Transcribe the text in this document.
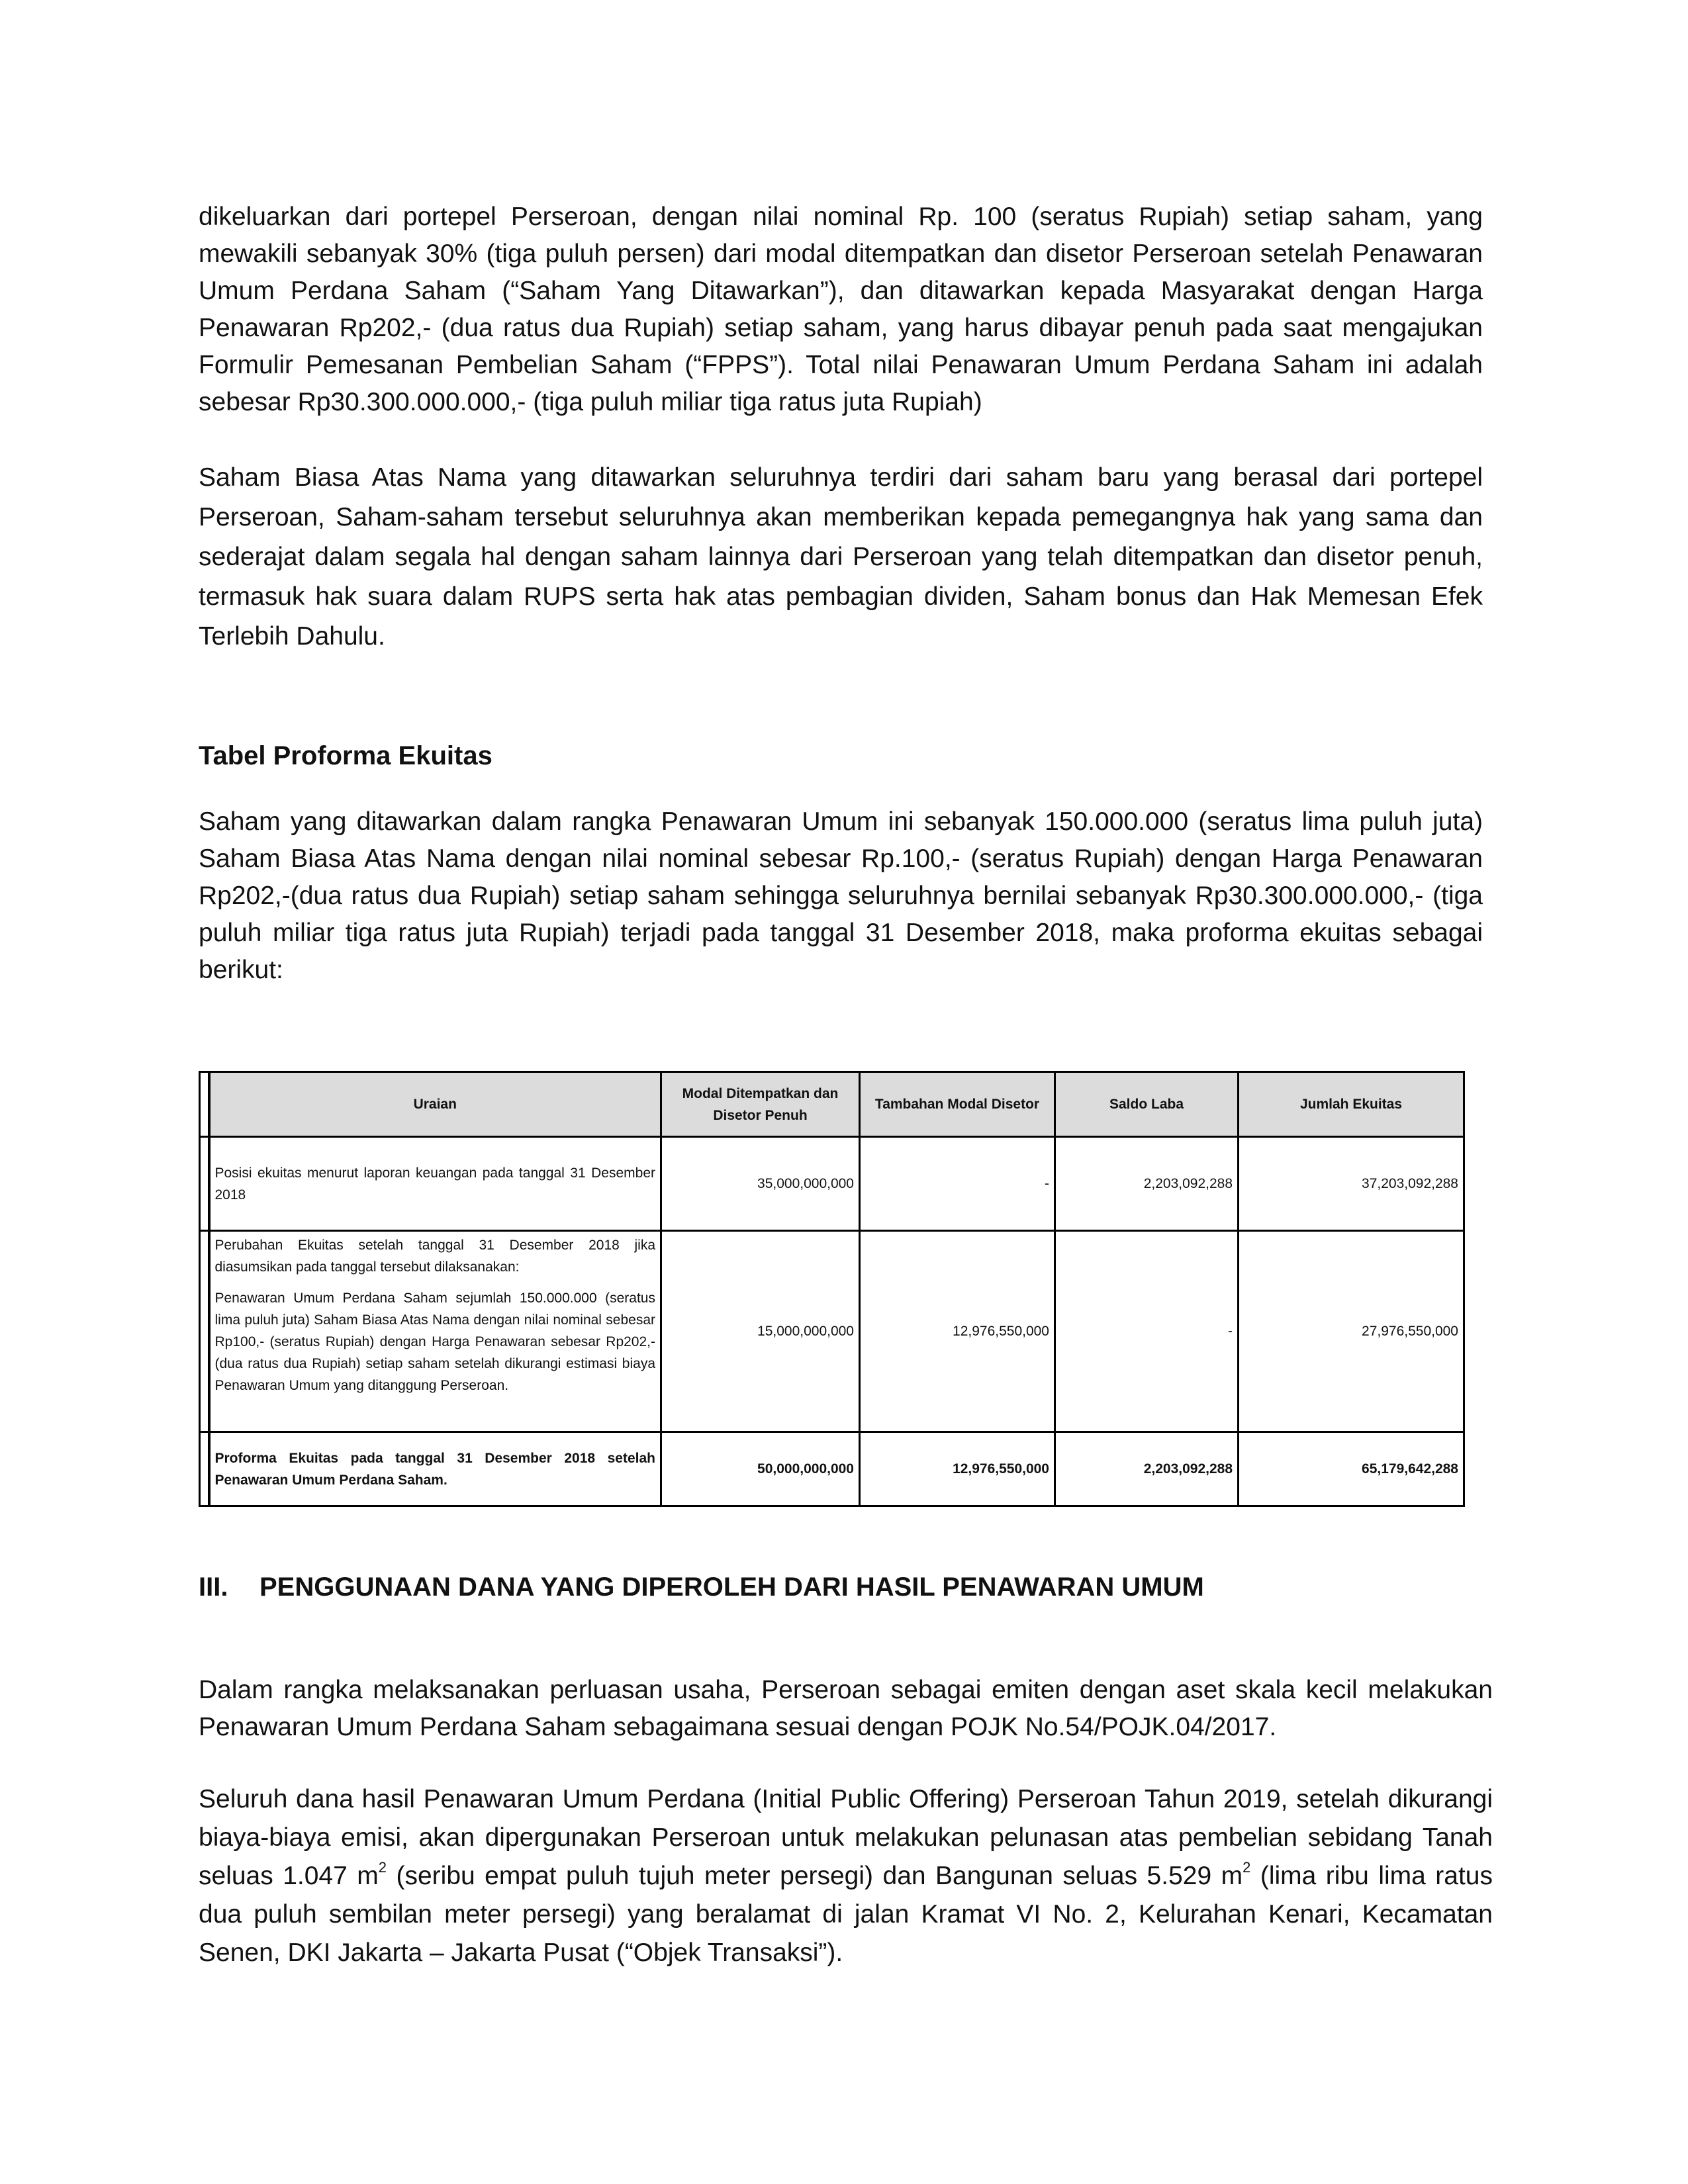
dikeluarkan dari portepel Perseroan, dengan nilai nominal Rp. 100 (seratus Rupiah) setiap saham, yang mewakili sebanyak 30% (tiga puluh persen) dari modal ditempatkan dan disetor Perseroan setelah Penawaran Umum Perdana Saham (“Saham Yang Ditawarkan”), dan ditawarkan kepada Masyarakat dengan Harga Penawaran Rp202,- (dua ratus dua Rupiah) setiap saham, yang harus dibayar penuh pada saat mengajukan Formulir Pemesanan Pembelian Saham (“FPPS”). Total nilai Penawaran Umum Perdana Saham ini adalah sebesar Rp30.300.000.000,- (tiga puluh miliar tiga ratus juta Rupiah)

Saham Biasa Atas Nama yang ditawarkan seluruhnya terdiri dari saham baru yang berasal dari portepel Perseroan, Saham-saham tersebut seluruhnya akan memberikan kepada pemegangnya hak yang sama dan sederajat dalam segala hal dengan saham lainnya dari Perseroan yang telah ditempatkan dan disetor penuh, termasuk hak suara dalam RUPS serta hak atas pembagian dividen, Saham bonus dan Hak Memesan Efek Terlebih Dahulu.

Tabel Proforma Ekuitas

Saham yang ditawarkan dalam rangka Penawaran Umum ini sebanyak 150.000.000 (seratus lima puluh juta) Saham Biasa Atas Nama dengan nilai nominal sebesar Rp.100,- (seratus Rupiah) dengan Harga Penawaran Rp202,-(dua ratus dua Rupiah) setiap saham sehingga seluruhnya bernilai sebanyak Rp30.300.000.000,- (tiga puluh miliar tiga ratus juta Rupiah) terjadi pada tanggal 31 Desember 2018, maka proforma ekuitas sebagai berikut:

	Uraian	Modal Ditempatkan dan Disetor Penuh	Tambahan Modal Disetor	Saldo Laba	Jumlah Ekuitas
	Posisi ekuitas menurut laporan keuangan pada tanggal 31 Desember 2018	35,000,000,000	-	2,203,092,288	37,203,092,288

	Perubahan Ekuitas setelah tanggal 31 Desember 2018 jika diasumsikan pada tanggal tersebut dilaksanakan:
Penawaran Umum Perdana Saham sejumlah 150.000.000 (seratus lima puluh juta) Saham Biasa Atas Nama dengan nilai nominal sebesar Rp100,- (seratus Rupiah) dengan Harga Penawaran sebesar Rp202,- (dua ratus dua Rupiah) setiap saham setelah dikurangi estimasi biaya Penawaran Umum yang ditanggung Perseroan.	15,000,000,000	12,976,550,000	-	27,976,550,000
	Proforma Ekuitas pada tanggal 31 Desember 2018 setelah Penawaran Umum Perdana Saham.	50,000,000,000	12,976,550,000	2,203,092,288	65,179,642,288
III. PENGGUNAAN DANA YANG DIPEROLEH DARI HASIL PENAWARAN UMUM

Dalam rangka melaksanakan perluasan usaha, Perseroan sebagai emiten dengan aset skala kecil melakukan Penawaran Umum Perdana Saham sebagaimana sesuai dengan POJK No.54/POJK.04/2017.

Seluruh dana hasil Penawaran Umum Perdana (Initial Public Offering) Perseroan Tahun 2019, setelah dikurangi biaya-biaya emisi, akan dipergunakan Perseroan untuk melakukan pelunasan atas pembelian sebidang Tanah seluas 1.047 $m^2$ (seribu empat puluh tujuh meter persegi) dan Bangunan seluas 5.529 $m^2$ (lima ribu lima ratus dua puluh sembilan meter persegi) yang beralamat di jalan Kramat VI No. 2, Kelurahan Kenari, Kecamatan Senen, DKI Jakarta – Jakarta Pusat (“Objek Transaksi”).
